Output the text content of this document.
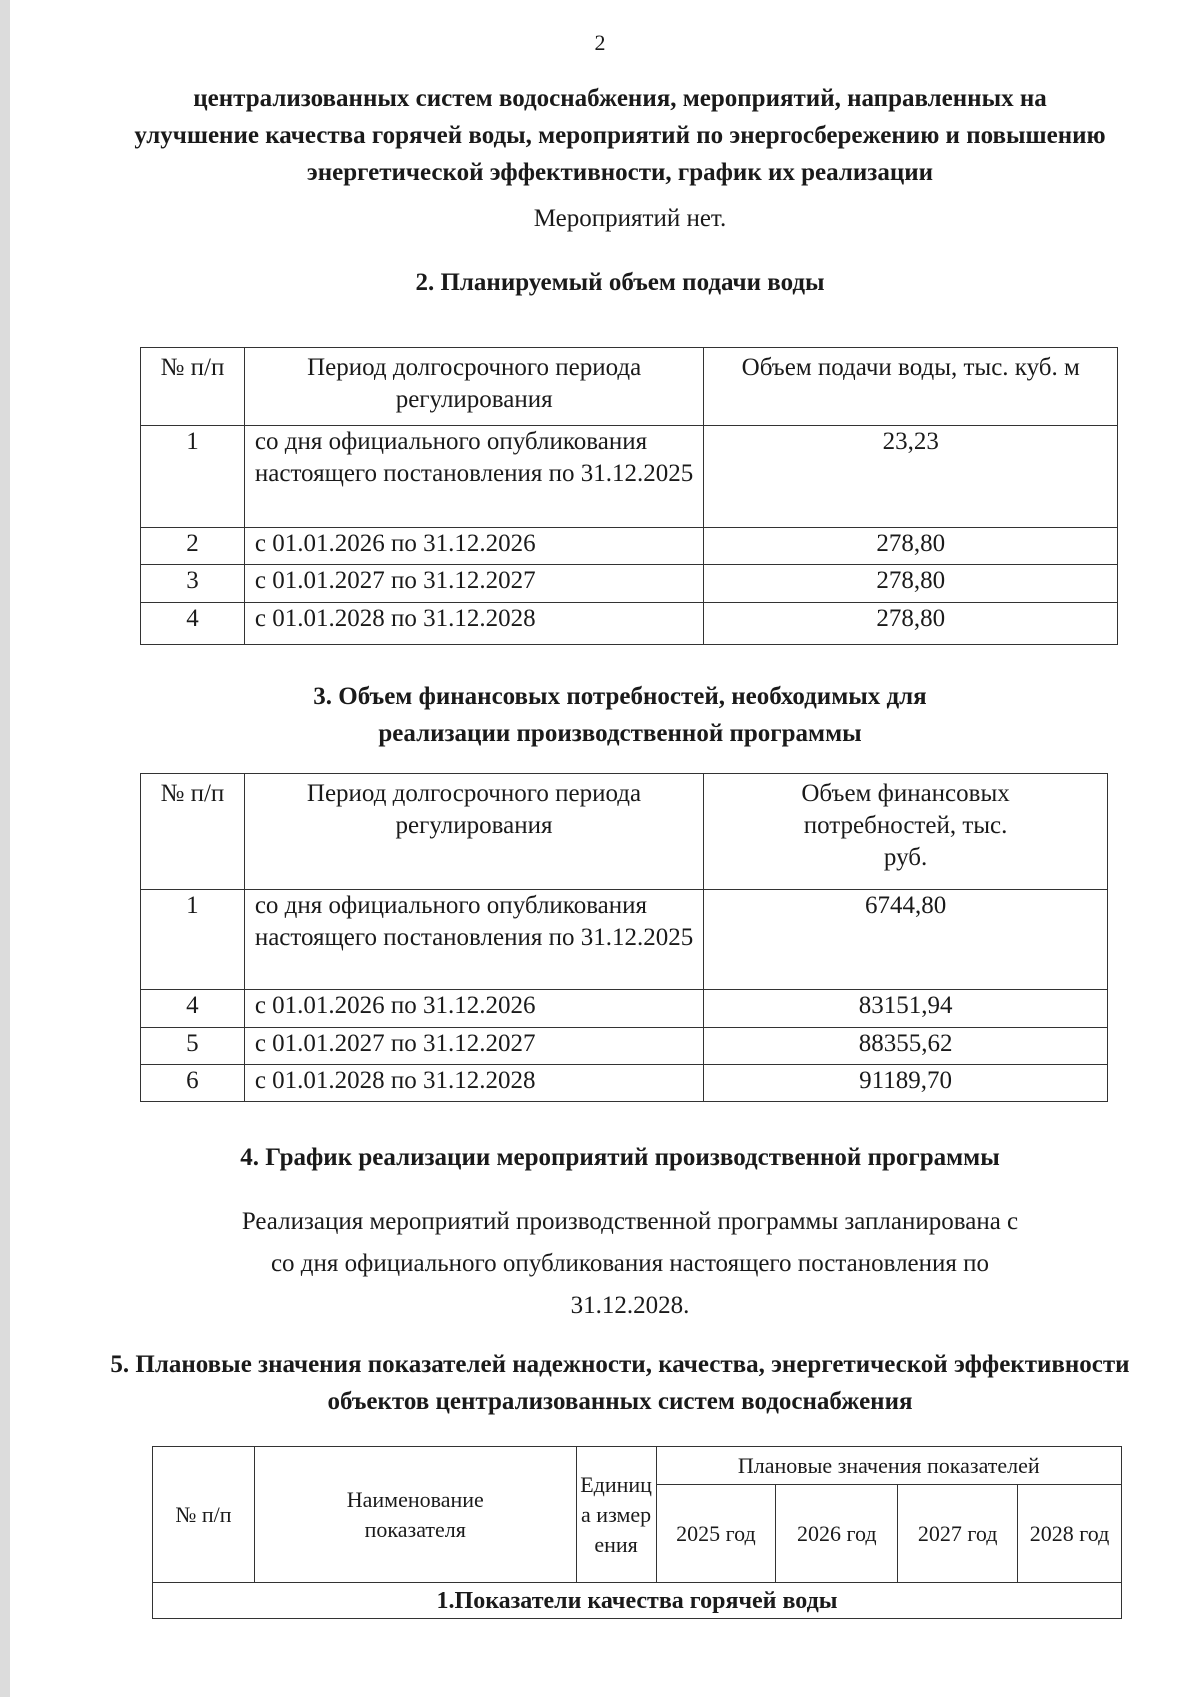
2
централизованных систем водоснабжения, мероприятий, направленных на улучшение качества горячей воды, мероприятий по энергосбережению и повышению энергетической эффективности, график их реализации
Мероприятий нет.
2. Планируемый объем подачи воды
№ п/п	Период долгосрочного периода регулирования	Объем подачи воды, тыс. куб. м
1	со дня официального опубликования настоящего постановления по 31.12.2025	23,23
2	с 01.01.2026 по 31.12.2026	278,80
3	с 01.01.2027 по 31.12.2027	278,80
4	с 01.01.2028 по 31.12.2028	278,80
3. Объем финансовых потребностей, необходимых для реализации производственной программы
№ п/п	Период долгосрочного периода регулирования	Объем финансовых потребностей, тыс. руб.
1	со дня официального опубликования настоящего постановления по 31.12.2025	6744,80
4	с 01.01.2026 по 31.12.2026	83151,94
5	с 01.01.2027 по 31.12.2027	88355,62
6	с 01.01.2028 по 31.12.2028	91189,70
4. График реализации мероприятий производственной программы
Реализация мероприятий производственной программы запланирована с со дня официального опубликования настоящего постановления по 31.12.2028.
5. Плановые значения показателей надежности, качества, энергетической эффективности объектов централизованных систем водоснабжения
№ п/п	Наименование показателя	Единица измерения	Плановые значения показателей			
			2025 год	2026 год	2027 год	2028 год
1.Показатели качества горячей воды						
